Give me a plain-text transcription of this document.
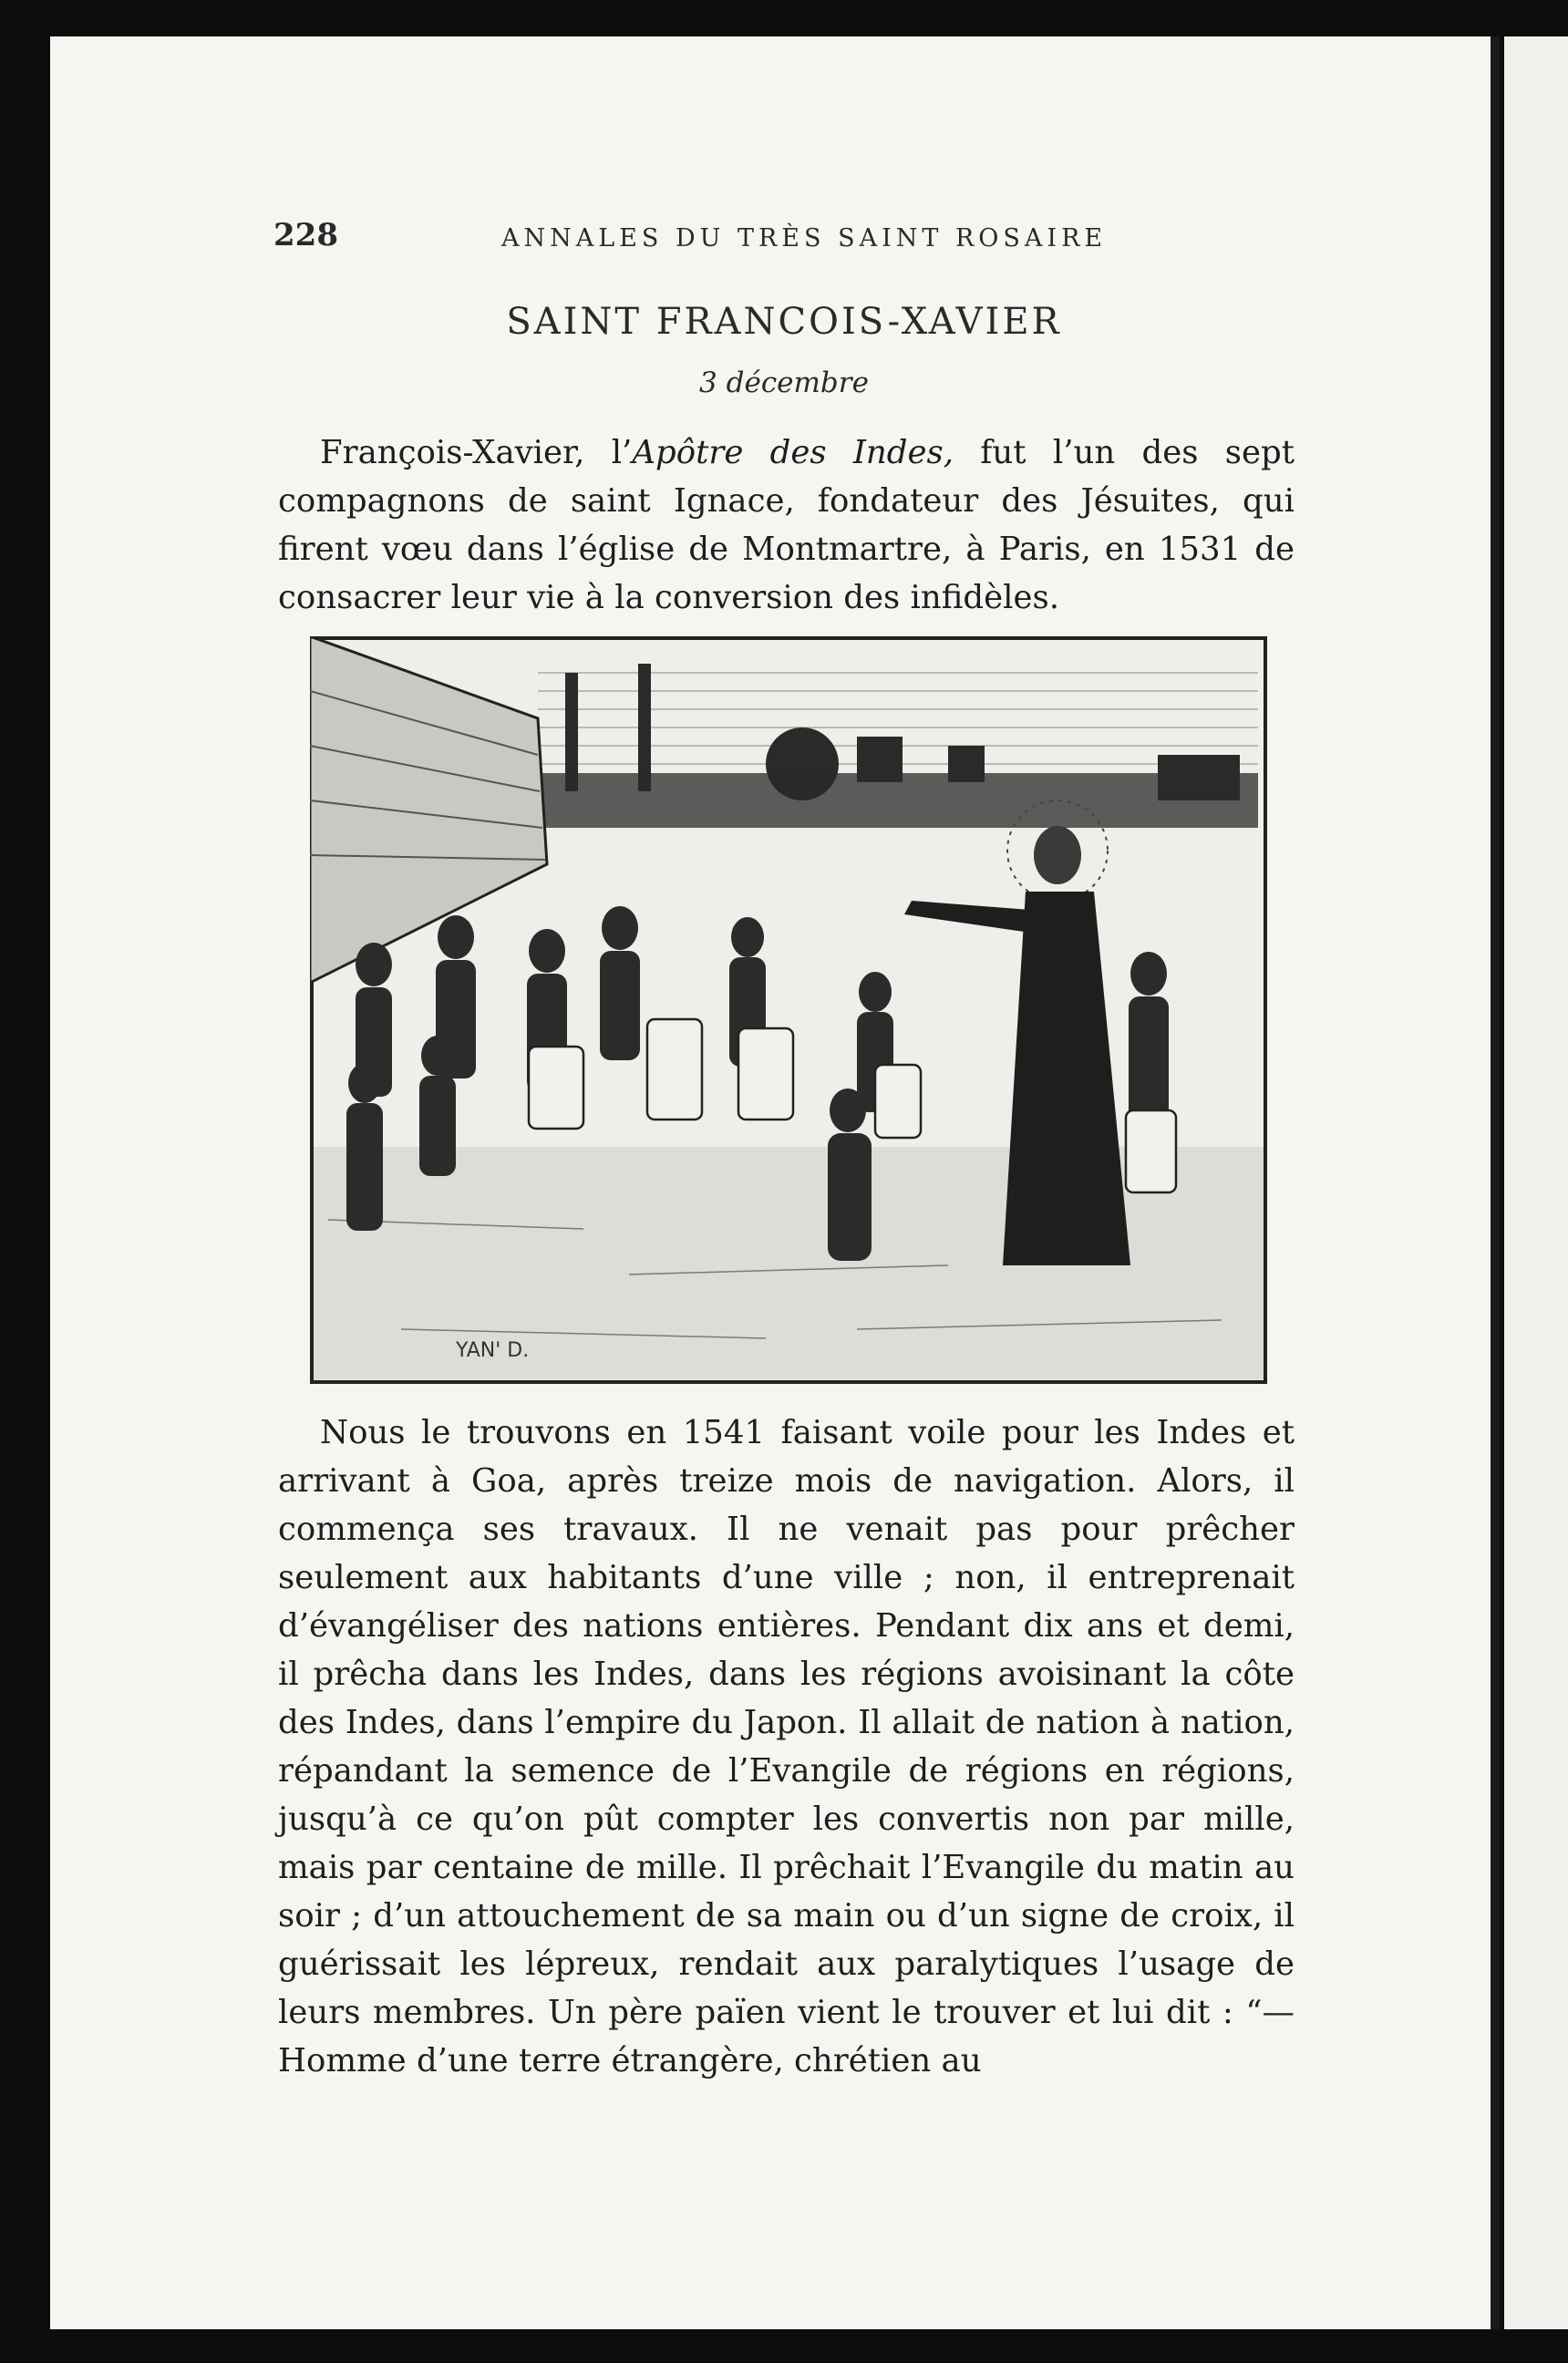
228	ANNALES DU TRÈS SAINT ROSAIRE
SAINT FRANCOIS-XAVIER
3 décembre

François-Xavier, l’Apôtre des Indes, fut l’un des sept compagnons de saint Ignace, fondateur des Jésuites, qui firent vœu dans l’église de Montmartre, à Paris, en 1531 de consacrer leur vie à la conversion des infidèles.

YAN' D.

Nous le trouvons en 1541 faisant voile pour les Indes et arrivant à Goa, après treize mois de navigation. Alors, il commença ses travaux. Il ne venait pas pour prêcher seulement aux habitants d’une ville ; non, il entreprenait d’évangéliser des nations entières. Pendant dix ans et demi, il prêcha dans les Indes, dans les régions avoisinant la côte des Indes, dans l’empire du Japon. Il allait de nation à nation, répandant la semence de l’Evangile de régions en régions, jusqu’à ce qu’on pût compter les convertis non par mille, mais par centaine de mille. Il prêchait l’Evangile du matin au soir ; d’un attouchement de sa main ou d’un signe de croix, il guérissait les lépreux, rendait aux paralytiques l’usage de leurs membres. Un père païen vient le trouver et lui dit : “—Homme d’une terre étrangère, chrétien au
